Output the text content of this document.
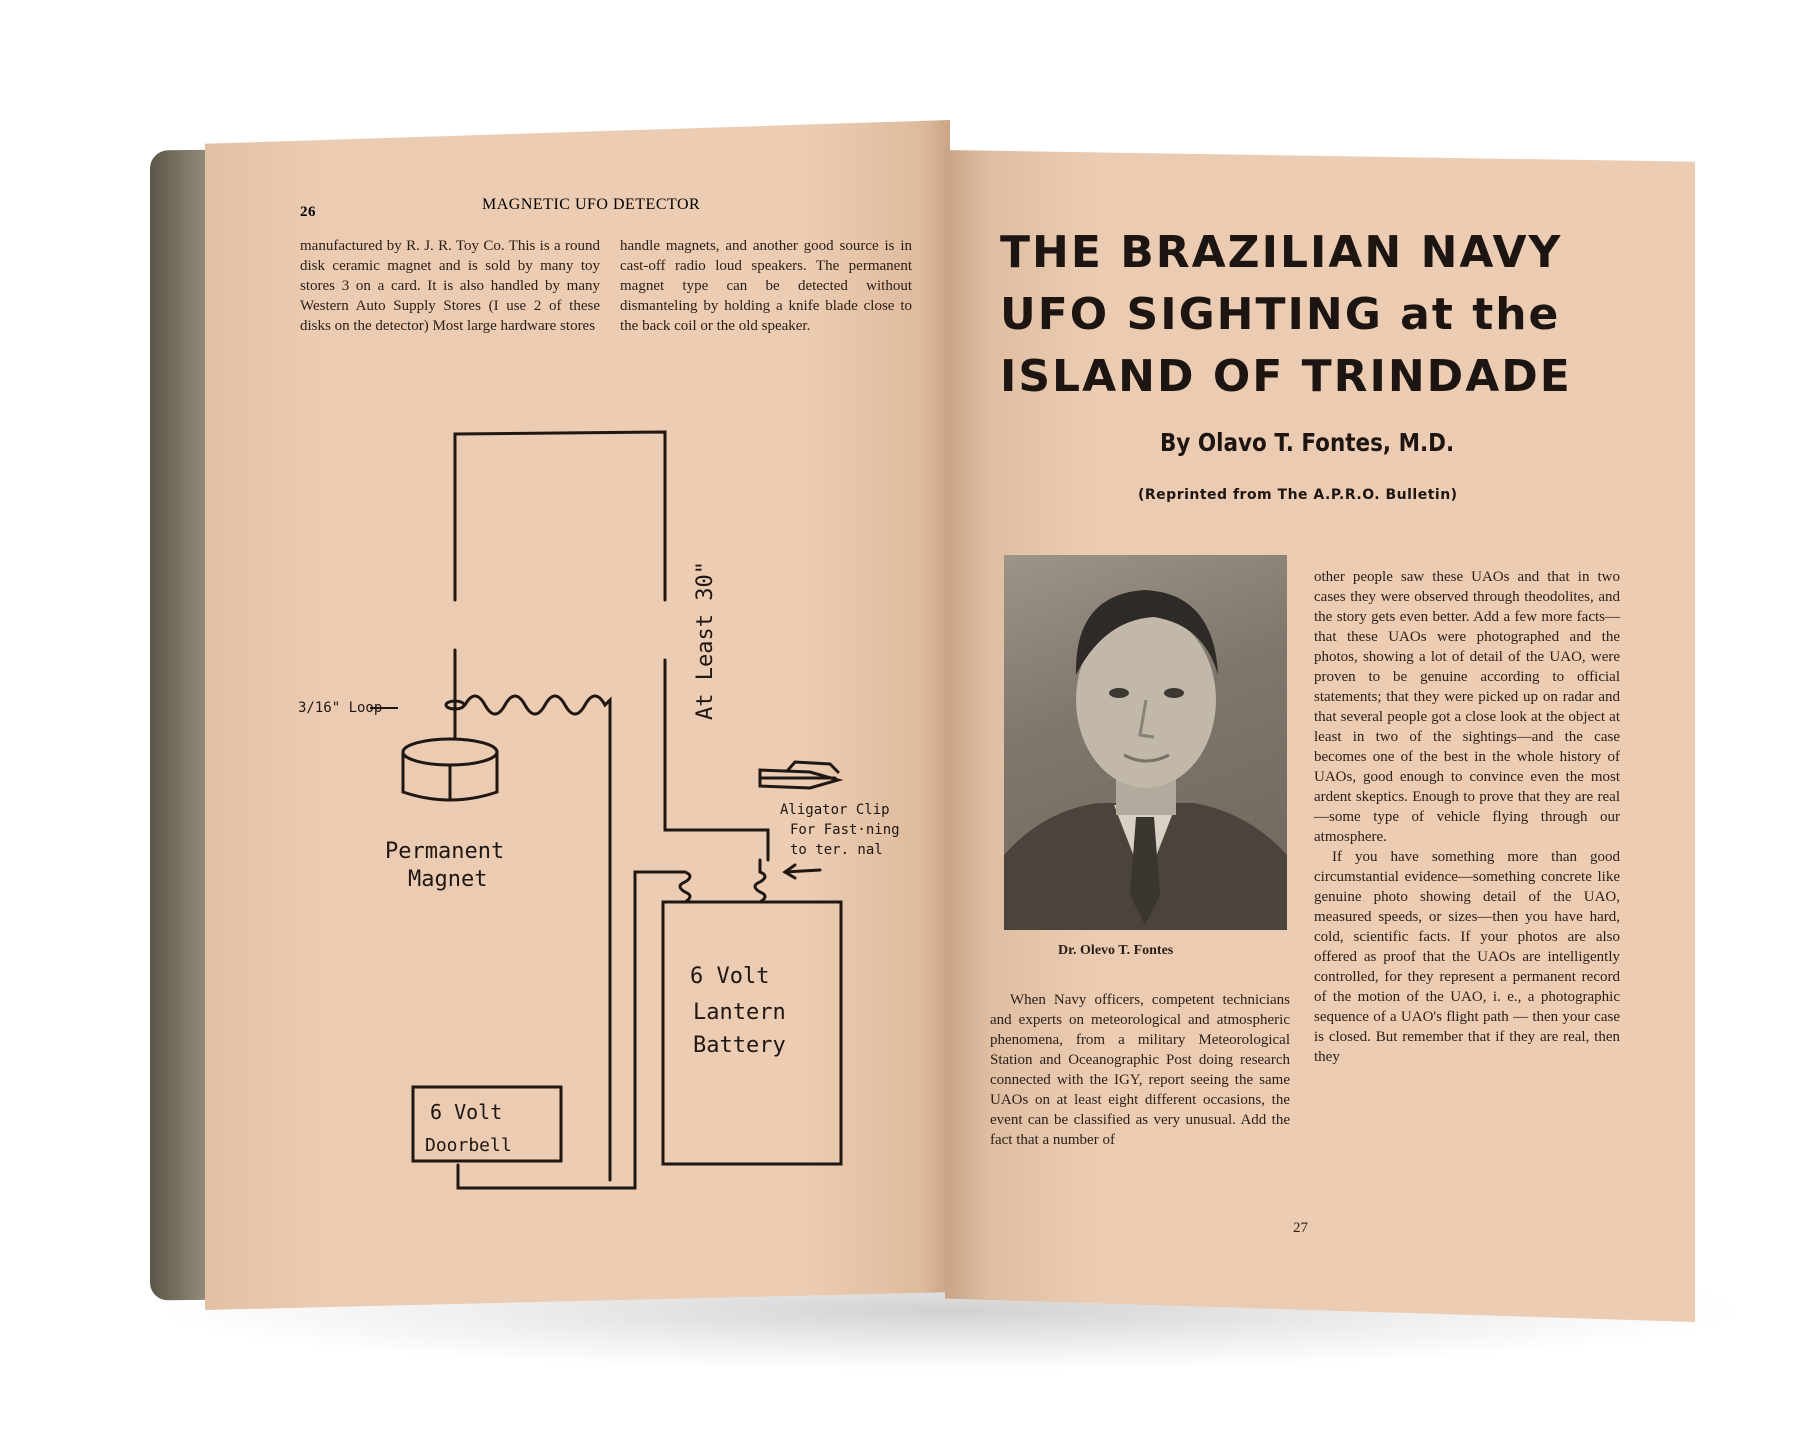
26	MAGNETIC UFO DETECTOR

manufactured by R. J. R. Toy Co. This is a round disk ceramic magnet and is sold by many toy stores 3 on a card. It is also handled by many Western Auto Supply Stores (I use 2 of these disks on the detector) Most large hardware stores

handle magnets, and another good source is in cast-off radio loud speakers. The permanent magnet type can be detected without dismanteling by holding a knife blade close to the back coil or the old speaker.

3/16" Loop
Permanent
Magnet
At Least 30"
Aligator Clip
For Fast·ning
to ter. nal
6 Volt
Lantern
Battery
6 Volt
Doorbell
THE BRAZILIAN NAVY
UFO SIGHTING at the
ISLAND OF TRINDADE
By Olavo T. Fontes, M.D.
(Reprinted from The A.P.R.O. Bulletin)
Dr. Olevo T. Fontes

When Navy officers, competent technicians and experts on meteorological and atmospheric phenomena, from a military Meteorological Station and Oceanographic Post doing research connected with the IGY, report seeing the same UAOs on at least eight different occasions, the event can be classified as very unusual. Add the fact that a number of

other people saw these UAOs and that in two cases they were observed through theodolites, and the story gets even better. Add a few more facts—that these UAOs were photographed and the photos, showing a lot of detail of the UAO, were proven to be genuine according to official statements; that they were picked up on radar and that several people got a close look at the object at least in two of the sightings—and the case becomes one of the best in the whole history of UAOs, good enough to convince even the most ardent skeptics. Enough to prove that they are real—some type of vehicle flying through our atmosphere.

If you have something more than good circumstantial evidence—something concrete like genuine photo showing detail of the UAO, measured speeds, or sizes—then you have hard, cold, scientific facts. If your photos are also offered as proof that the UAOs are intelligently controlled, for they represent a permanent record of the motion of the UAO, i. e., a photographic sequence of a UAO's flight path — then your case is closed. But remember that if they are real, then they

27
